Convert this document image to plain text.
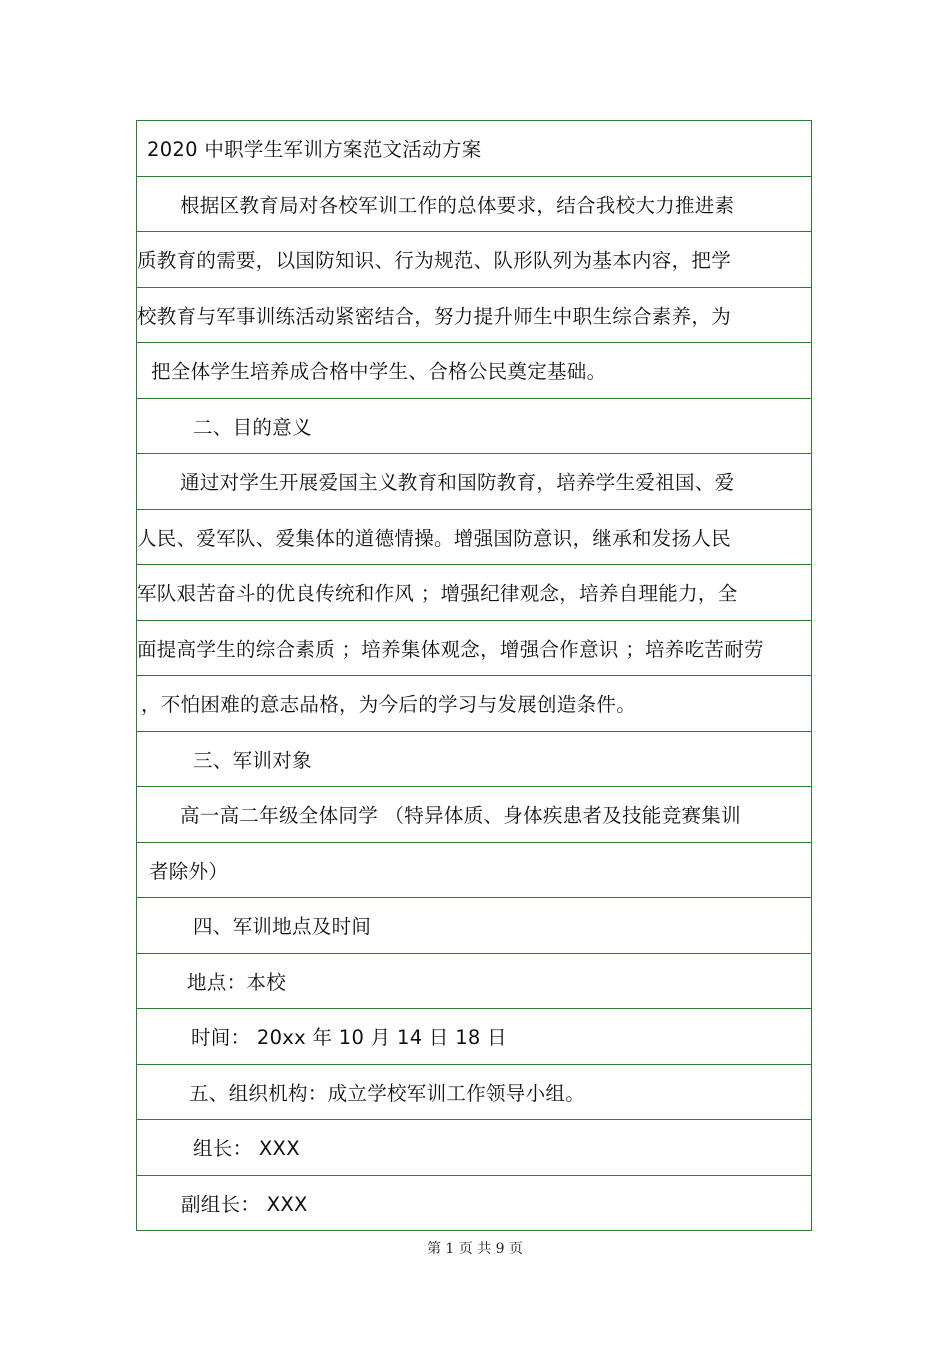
2020 中职学生军训方案范文活动方案
根据区教育局对各校军训工作的总体要求，结合我校大力推进素
质教育的需要，以国防知识、行为规范、队形队列为基本内容，把学
校教育与军事训练活动紧密结合，努力提升师生中职生综合素养，为
把全体学生培养成合格中学生、合格公民奠定基础。
二、目的意义
通过对学生开展爱国主义教育和国防教育，培养学生爱祖国、爱
人民、爱军队、爱集体的道德情操。增强国防意识，继承和发扬人民
军队艰苦奋斗的优良传统和作风 ；增强纪律观念，培养自理能力，全
面提高学生的综合素质 ；培养集体观念，增强合作意识 ；培养吃苦耐劳
，不怕困难的意志品格，为今后的学习与发展创造条件。
三、军训对象
高一高二年级全体同学 （特异体质、身体疾患者及技能竞赛集训
者除外）
四、军训地点及时间
地点：本校
时间： 20xx 年 10 月 14 日 18 日
五、组织机构：成立学校军训工作领导小组。
组长： XXX
副组长： XXX
第 1 页 共 9 页
